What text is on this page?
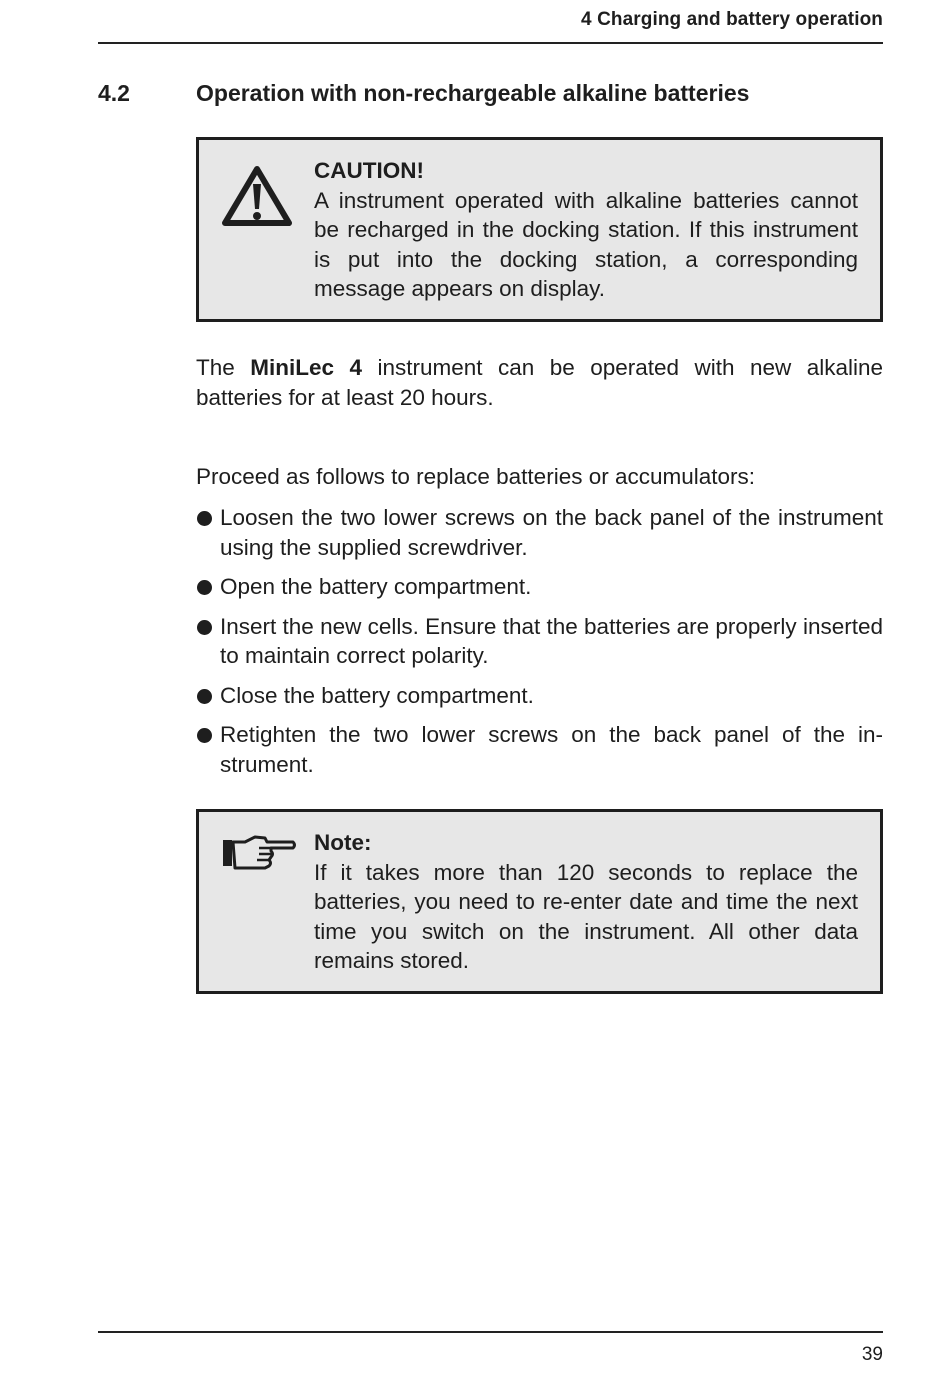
4 Charging and battery operation
4.2	Operation with non-rechargeable alkaline batteries
CAUTION!
A instrument operated with alkaline batteries cannot be recharged in the docking station. If this instrument is put into the docking station, a corresponding message appears on display.
The MiniLec 4 instrument can be operated with new alkaline batteries for at least 20 hours.
Proceed as follows to replace batteries or accumulators:
Loosen the two lower screws on the back panel of the instrument using the supplied screwdriver.
Open the battery compartment.
Insert the new cells. Ensure that the batteries are properly inserted to maintain correct polarity.
Close the battery compartment.
Retighten the two lower screws on the back panel of the instrument.
Note:
If it takes more than 120 seconds to replace the batteries, you need to re-enter date and time the next time you switch on the instrument. All other data remains stored.
39
